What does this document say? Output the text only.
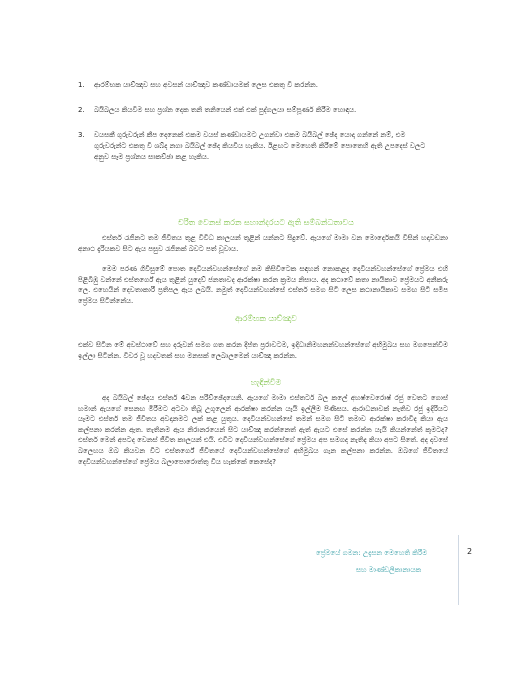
1. ආරම්භක යාච්ඤාව සහ අවසන් යාච්ඤාව කණ්ඩායමක් ලෙස එකතු වී කරන්න.
2. බයිබලය කියවීම සහ ප්‍රශ්න දෙක තනි තනියෙන් එක් එක් පුද්ගලයා සම්පූර්ණ කිරීම හොඳය.
3. වයසකී ගුරුවරුන් කීප දෙනෙක් එකම වයස් කණ්ඩායමට උගන්වා එකම බයිබල් ඡේද යොදා ගන්නේ නම්, එම ගුරුවරුන්ට එකතු වී ශබ්ද නගා බයිබල් ඡේද කියවිය හැකිය. ඊළඟට මෙහෙති කිරීමේ පොතෙහි ඇති උපදෙස් වලට අනුව සෑම ප්‍රශ්නය සාකච්ඡා කළ හැකිය.
චරිත වෙනස් කරන සහාන්දරයට ඇති සම්බන්ධතාවය

එස්තර් රැජිනට තම ජීවිතය තුළ විවිධ කාලයන් තුළින් යන්නට සිදුවේ. ඇයගේ මාමා වන මොර්දෙකයි විසින් හදාවඩනා අනාථ දැරියකව සිට ඇය පසුව රැජිනක් බවට පත් වූවාය.

මෙම පරණ ගිවිසුමේ පොත දෙවියන්වහන්සේගේ නම කිසිවිටෙක සඳහන් නොකළද දෙවියන්වහන්සේගේ ප්‍රේමය එහි පිළිබිඹු වන්නේ එස්තර්ගේ ඇය තුළින් යුදෙව් ජනතාවද ආරක්ෂා කරන ක්‍රමය නිසාය. අද කථාවේ කතා නායිකාව ප්‍රේමයට අනීකරු ලෙ. එහෙයින් දෙවතාකාරී ප්‍රතිපල ඇය ලබයි. නමුත් දෙවියන්වහන්සේ එස්තර් සමග සිටි ලෙස කථානායිකාව සමඟ සිටි සමීප ප්‍රේමය සිටින්නේය.

ආරම්භක යාච්ඤාව

එක්ව සිටින මේ අවස්ථාවේ සහ දරුවන් සමග ගත කරන දීප්ත ප්‍රරාවටම, ඉදිධානිමහනන්වහන්සේගේ අභිමුඛය සහ මගපෙන්වීම ඉල්ලා සිටින්න. විවර වූ හදවතක් සහ මනසක් ලෙබාලමෙන් යාච්ඤා කරන්න.

හැඳින්වීම

අද බයිබල් ඡේදය එස්තර් 4වන පරිච්ඡේදයෙනි. ඇයගේ මාමා එස්තර්ට බල කලේ අහෂ්වෙරොෂ් රජු වෙතට ගොස් හමාන් ඇයගේ සෙනඟ මිරීමට අටවා තිබූ උගුලෙන් ආරක්ෂා කරන්න යැයි ඉල්ලීම පිණිසය. ආරාධනාවක් නැතිව රජු ඉදිරියට යෑමට එස්තර් තම ජීවිතය අවදානමට ලක් කළ යුතුය. දෙවියන්වහන්සේ තමන් සමග සිටි තමාව ආරක්ෂා කරාවිද කියා ඇය කල්පනා කරන්න ඇත. තැතිනම ඇය නිරානරයෙන් සිට යාච්ඤා කරන්නෙත් ඇත් ඇයට එසේ කරන්න යැයි කියන්නේත් කුමටද? එස්තර් මෙන් අපටද වෙනස් ජීවිත කාලයන් එයි. එවිට දෙවියන්වහන්සේගේ ප්‍රේමය අප සමගද නැතිද කියා අපට සිතේ. අද දවසේ බලෙහය ඔබ කියවන විට එස්තර්ගේ ජීවිතයේ දෙවියන්වහන්සේගේ අභිමුඛය ගැන කල්පනා කරන්න. ඔබගේ ජීවිතයේ දෙවියන්වහන්සේගේ ප්‍රේමය බලාපොරොත්තු විය හැක්කේ කෙසේද?

ප්‍රේමයේ ගමන: උදැසන මෙහෙති කිරීම
සහ මාණ්ඩලිකානායක
2
